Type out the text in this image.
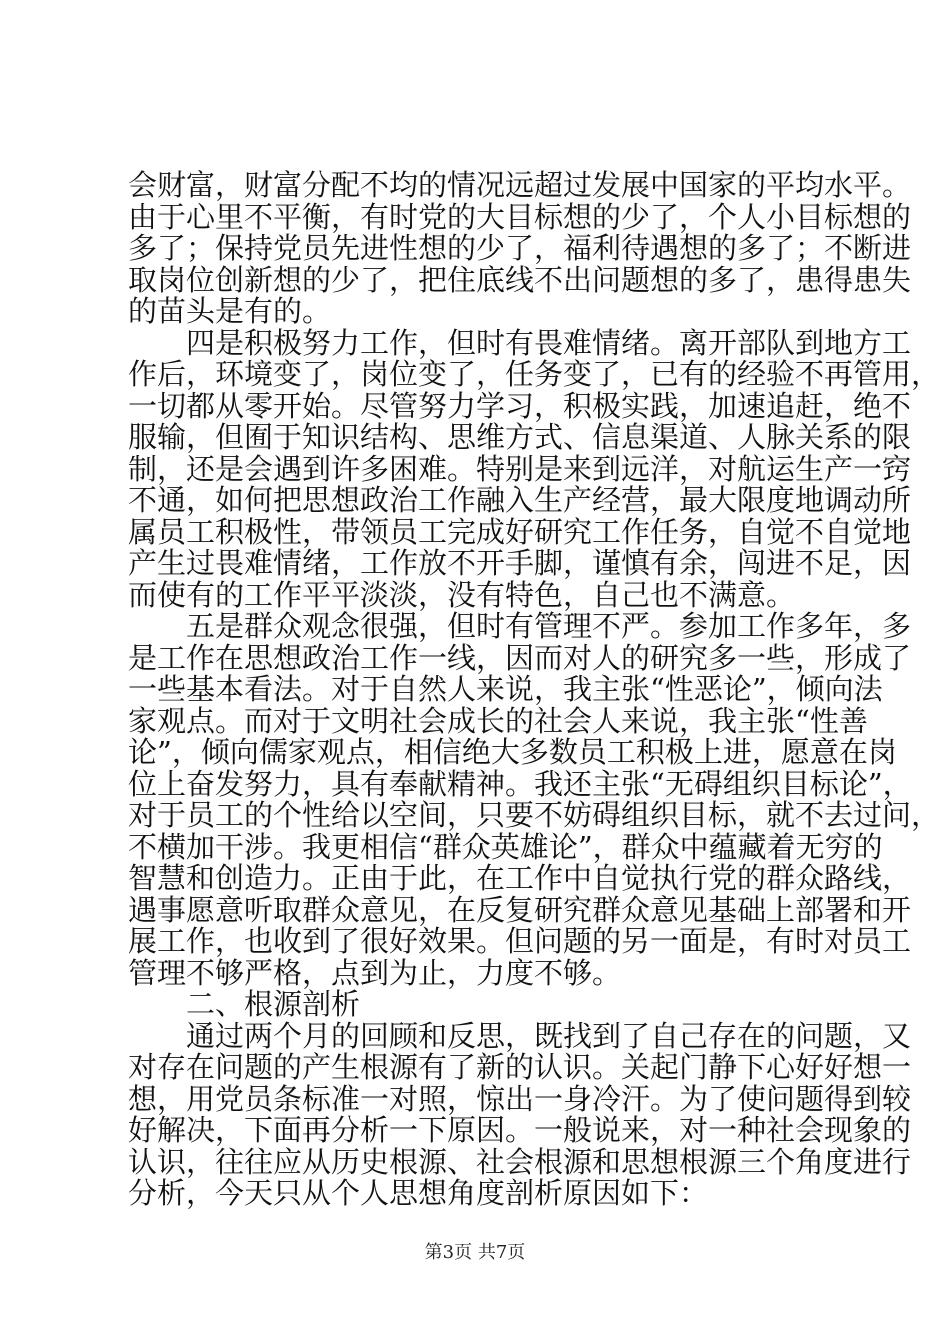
会财富，财富分配不均的情况远超过发展中国家的平均水平。
由于心里不平衡，有时党的大目标想的少了，个人小目标想的
多了；保持党员先进性想的少了，福利待遇想的多了；不断进
取岗位创新想的少了，把住底线不出问题想的多了，患得患失
的苗头是有的。
四是积极努力工作，但时有畏难情绪。离开部队到地方工
作后，环境变了，岗位变了，任务变了，已有的经验不再管用，
一切都从零开始。尽管努力学习，积极实践，加速追赶，绝不
服输，但囿于知识结构、思维方式、信息渠道、人脉关系的限
制，还是会遇到许多困难。特别是来到远洋，对航运生产一窍
不通，如何把思想政治工作融入生产经营，最大限度地调动所
属员工积极性，带领员工完成好研究工作任务，自觉不自觉地
产生过畏难情绪，工作放不开手脚，谨慎有余，闯进不足，因
而使有的工作平平淡淡，没有特色，自己也不满意。
五是群众观念很强，但时有管理不严。参加工作多年，多
是工作在思想政治工作一线，因而对人的研究多一些，形成了
一些基本看法。对于自然人来说，我主张“性恶论”，倾向法
家观点。而对于文明社会成长的社会人来说，我主张“性善
论”，倾向儒家观点，相信绝大多数员工积极上进，愿意在岗
位上奋发努力，具有奉献精神。我还主张“无碍组织目标论”，
对于员工的个性给以空间，只要不妨碍组织目标，就不去过问，
不横加干涉。我更相信“群众英雄论”，群众中蕴藏着无穷的
智慧和创造力。正由于此，在工作中自觉执行党的群众路线，
遇事愿意听取群众意见，在反复研究群众意见基础上部署和开
展工作，也收到了很好效果。但问题的另一面是，有时对员工
管理不够严格，点到为止，力度不够。
二、根源剖析
通过两个月的回顾和反思，既找到了自己存在的问题，又
对存在问题的产生根源有了新的认识。关起门静下心好好想一
想，用党员条标准一对照，惊出一身冷汗。为了使问题得到较
好解决，下面再分析一下原因。一般说来，对一种社会现象的
认识，往往应从历史根源、社会根源和思想根源三个角度进行
分析，今天只从个人思想角度剖析原因如下：
第3页 共7页
